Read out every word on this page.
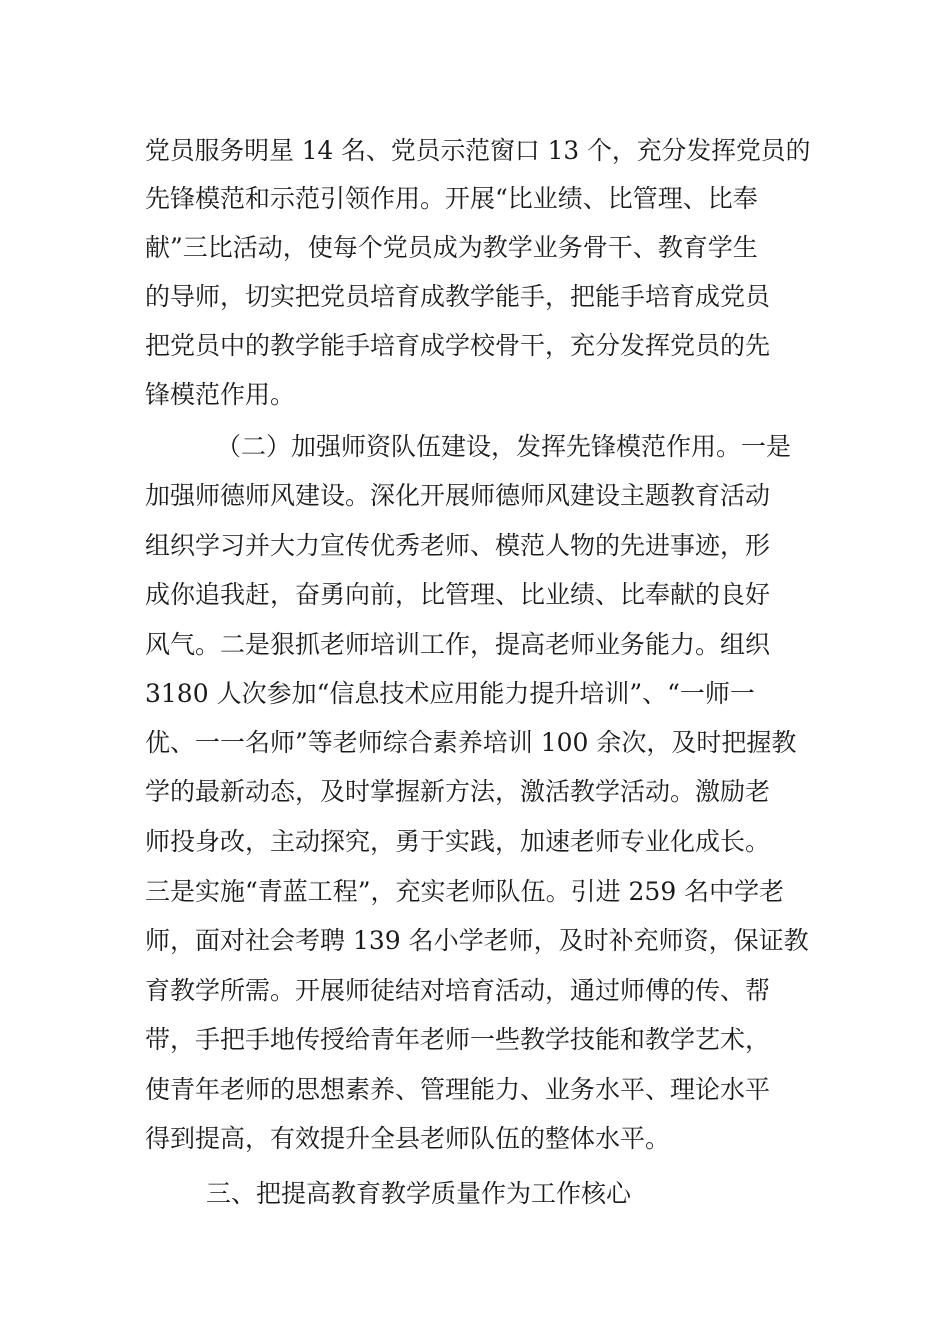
党员服务明星 14 名、党员示范窗口 13 个，充分发挥党员的
先锋模范和示范引领作用。开展“比业绩、比管理、比奉
献”三比活动，使每个党员成为教学业务骨干、教育学生
的导师，切实把党员培育成教学能手，把能手培育成党员
把党员中的教学能手培育成学校骨干，充分发挥党员的先
锋模范作用。
（二）加强师资队伍建设，发挥先锋模范作用。一是
加强师德师风建设。深化开展师德师风建设主题教育活动
组织学习并大力宣传优秀老师、模范人物的先进事迹，形
成你追我赶，奋勇向前，比管理、比业绩、比奉献的良好
风气。二是狠抓老师培训工作，提高老师业务能力。组织
3180 人次参加“信息技术应用能力提升培训”、“一师一
优、一一名师”等老师综合素养培训 100 余次，及时把握教
学的最新动态，及时掌握新方法，激活教学活动。激励老
师投身改，主动探究，勇于实践，加速老师专业化成长。
三是实施“青蓝工程”，充实老师队伍。引进 259 名中学老
师，面对社会考聘 139 名小学老师，及时补充师资，保证教
育教学所需。开展师徒结对培育活动，通过师傅的传、帮
带，手把手地传授给青年老师一些教学技能和教学艺术，
使青年老师的思想素养、管理能力、业务水平、理论水平
得到提高，有效提升全县老师队伍的整体水平。
三、把提高教育教学质量作为工作核心
